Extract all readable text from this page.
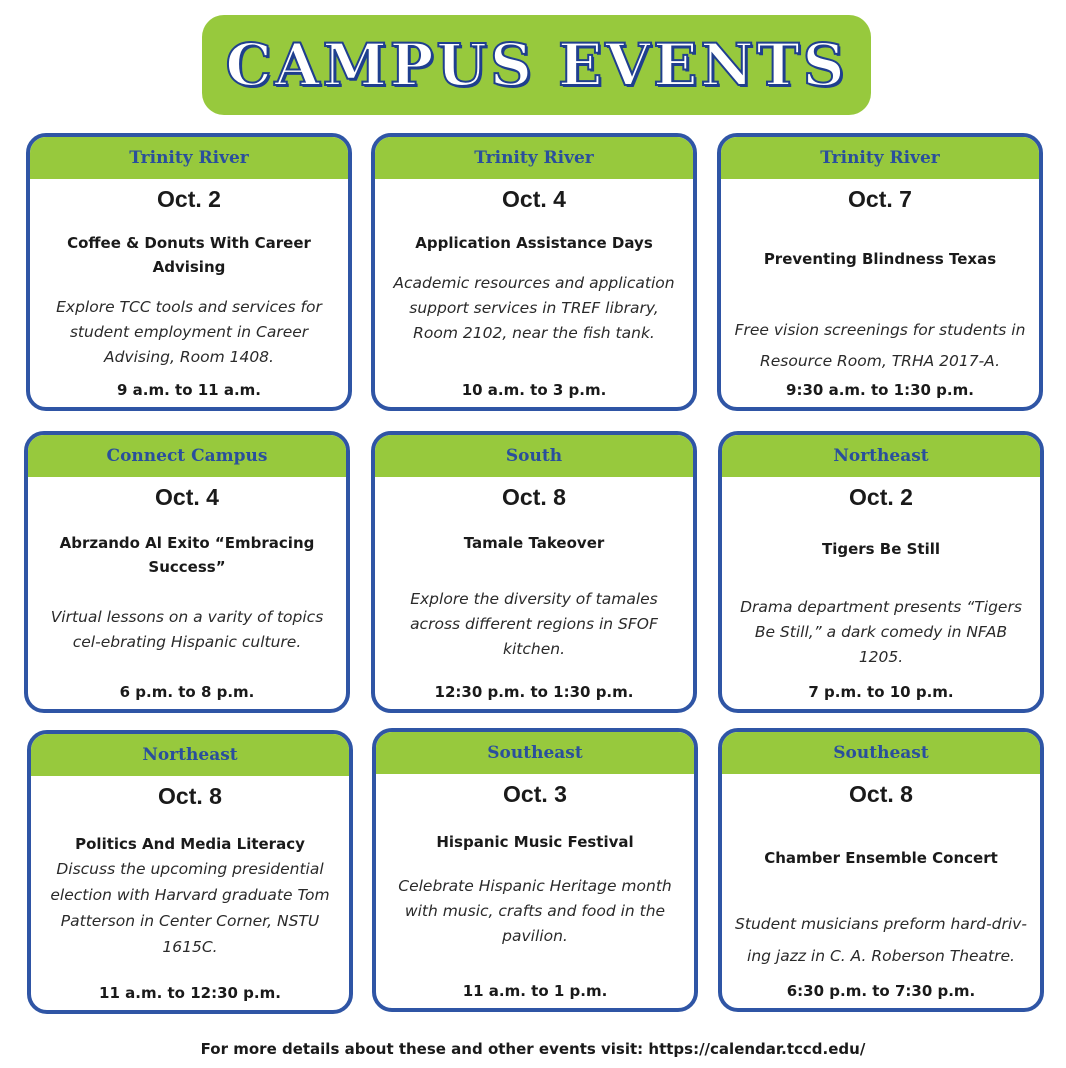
CAMPUS EVENTS
Trinity River
Oct. 2
Coffee & Donuts With Career Advising
Explore TCC tools and services for student employment in Career Advising, Room 1408.
9 a.m. to 11 a.m.
Trinity River
Oct. 4
Application Assistance Days
Academic resources and application support services in TREF library, Room 2102, near the fish tank.
10 a.m. to 3 p.m.
Trinity River
Oct. 7
Preventing Blindness Texas
Free vision screenings for students in Resource Room, TRHA 2017-A.
9:30 a.m. to 1:30 p.m.
Connect Campus
Oct. 4
Abrzando Al Exito “Embracing Success”
Virtual lessons on a varity of topics cel-ebrating Hispanic culture.
6 p.m. to 8 p.m.
South
Oct. 8
Tamale Takeover
Explore the diversity of tamales across different regions in SFOF kitchen.
12:30 p.m. to 1:30 p.m.
Northeast
Oct. 2
Tigers Be Still
Drama department presents “Tigers Be Still,” a dark comedy in NFAB 1205.
7 p.m. to 10 p.m.
Northeast
Oct. 8
Politics And Media Literacy
Discuss the upcoming presidential election with Harvard graduate Tom Patterson in Center Corner, NSTU 1615C.
11 a.m. to 12:30 p.m.
Southeast
Oct. 3
Hispanic Music Festival
Celebrate Hispanic Heritage month with music, crafts and food in the pavilion.
11 a.m. to 1 p.m.
Southeast
Oct. 8
Chamber Ensemble Concert
Student musicians preform hard-driv-ing jazz in C. A. Roberson Theatre.
6:30 p.m. to 7:30 p.m.
For more details about these and other events visit: https://calendar.tccd.edu/
